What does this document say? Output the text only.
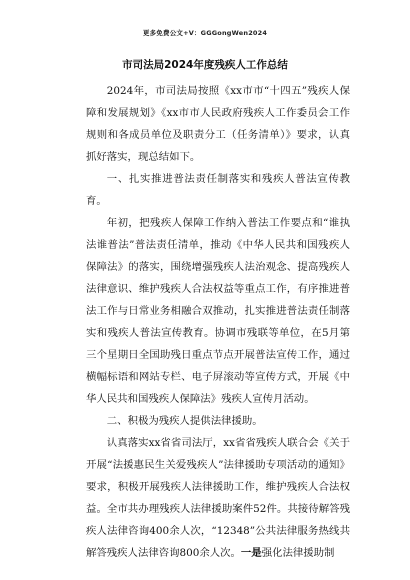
更多免费公文+V：GGGongWen2024
市司法局2024年度残疾人工作总结

2024年，市司法局按照《xx市市“十四五”残疾人保障和发展规划》《xx市市人民政府残疾人工作委员会工作规则和各成员单位及职责分工（任务清单）》要求，认真抓好落实，现总结如下。

一、扎实推进普法责任制落实和残疾人普法宣传教育。

年初，把残疾人保障工作纳入普法工作要点和“谁执法谁普法”普法责任清单，推动《中华人民共和国残疾人保障法》的落实，围绕增强残疾人法治观念、提高残疾人法律意识、维护残疾人合法权益等重点工作，有序推进普法工作与日常业务相融合双推动，扎实推进普法责任制落实和残疾人普法宣传教育。协调市残联等单位，在5月第三个星期日全国助残日重点节点开展普法宣传工作，通过横幅标语和网站专栏、电子屏滚动等宣传方式，开展《中华人民共和国残疾人保障法》残疾人宣传月活动。

二、积极为残疾人提供法律援助。

认真落实xx省省司法厅，xx省省残疾人联合会《关于开展“法援惠民生关爱残疾人”法律援助专项活动的通知》要求，积极开展残疾人法律援助工作，维护残疾人合法权益。全市共办理残疾人法律援助案件52件。共接待解答残疾人法律咨询400余人次，“12348”公共法律服务热线共解答残疾人法律咨询800余人次。一是强化法律援助制
